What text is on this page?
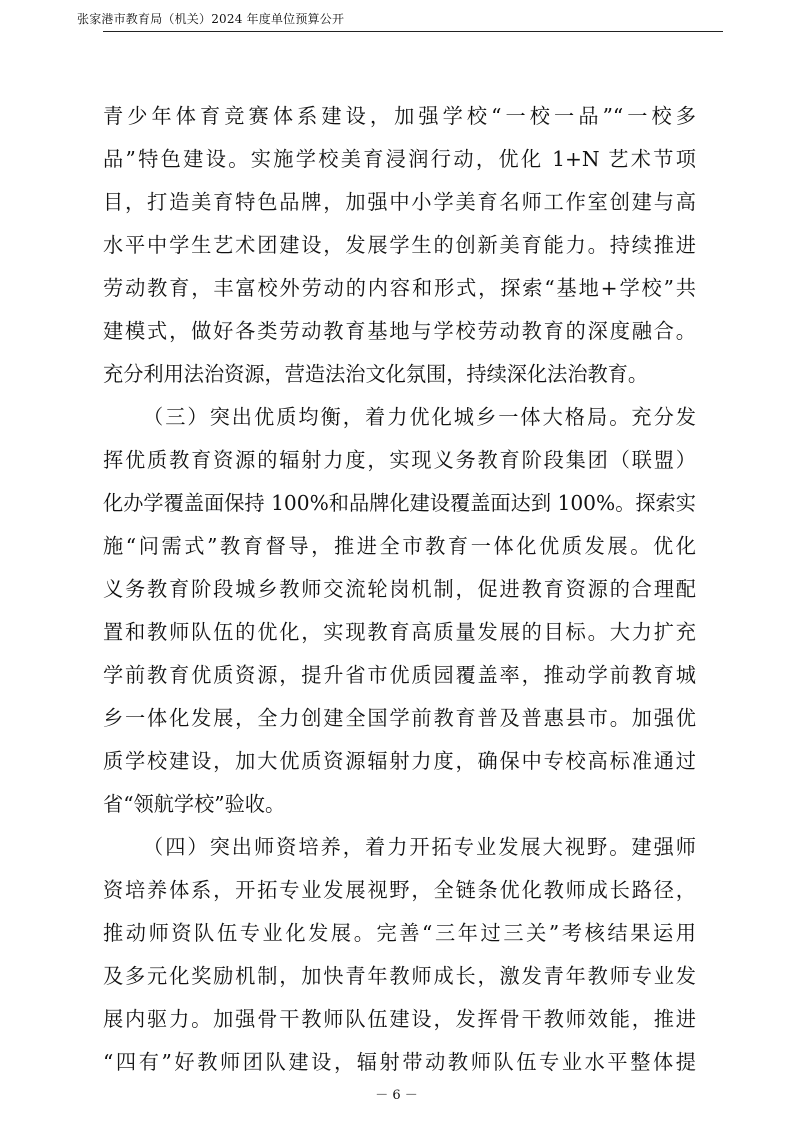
张家港市教育局（机关）2024 年度单位预算公开
青少年体育竞赛体系建设，加强学校“一校一品”“一校多
品”特色建设。实施学校美育浸润行动，优化 1+N 艺术节项
目，打造美育特色品牌，加强中小学美育名师工作室创建与高
水平中学生艺术团建设，发展学生的创新美育能力。持续推进
劳动教育，丰富校外劳动的内容和形式，探索“基地+学校”共
建模式，做好各类劳动教育基地与学校劳动教育的深度融合。
充分利用法治资源，营造法治文化氛围，持续深化法治教育。
（三）突出优质均衡，着力优化城乡一体大格局。充分发
挥优质教育资源的辐射力度，实现义务教育阶段集团（联盟）
化办学覆盖面保持 100%和品牌化建设覆盖面达到 100%。探索实
施“问需式”教育督导，推进全市教育一体化优质发展。优化
义务教育阶段城乡教师交流轮岗机制，促进教育资源的合理配
置和教师队伍的优化，实现教育高质量发展的目标。大力扩充
学前教育优质资源，提升省市优质园覆盖率，推动学前教育城
乡一体化发展，全力创建全国学前教育普及普惠县市。加强优
质学校建设，加大优质资源辐射力度，确保中专校高标准通过
省“领航学校”验收。
（四）突出师资培养，着力开拓专业发展大视野。建强师
资培养体系，开拓专业发展视野，全链条优化教师成长路径，
推动师资队伍专业化发展。完善“三年过三关”考核结果运用
及多元化奖励机制，加快青年教师成长，激发青年教师专业发
展内驱力。加强骨干教师队伍建设，发挥骨干教师效能，推进
“四有”好教师团队建设，辐射带动教师队伍专业水平整体提
－ 6 －
